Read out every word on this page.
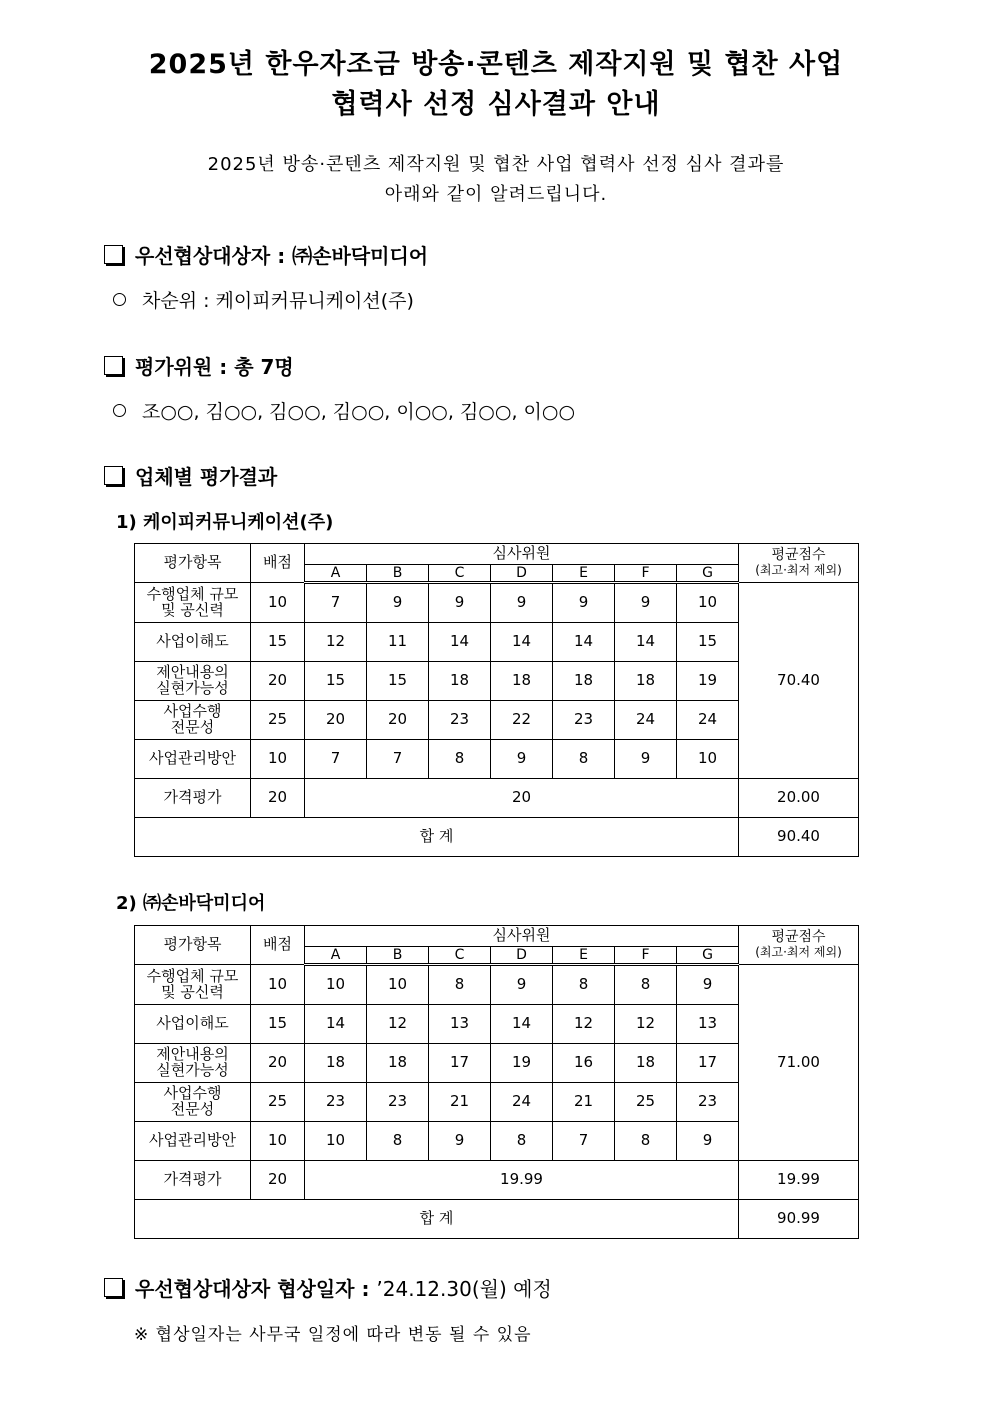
2025년 한우자조금 방송·콘텐츠 제작지원 및 협찬 사업
협력사 선정 심사결과 안내
2025년 방송·콘텐츠 제작지원 및 협찬 사업 협력사 선정 심사 결과를
아래와 같이 알려드립니다.
우선협상대상자 : ㈜손바닥미디어
차순위 : 케이피커뮤니케이션(주)
평가위원 : 총 7명
조○○, 김○○, 김○○, 김○○, 이○○, 김○○, 이○○
업체별 평가결과
1) 케이피커뮤니케이션(주)
평가항목	배점	심사위원							평균점수
(최고·최저 제외)
		A	B	C	D	E	F	G	
수행업체 규모
및 공신력	10	7	9	9	9	9	9	10	70.40
사업이해도	15	12	11	14	14	14	14	15	
제안내용의
실현가능성	20	15	15	18	18	18	18	19	
사업수행
전문성	25	20	20	23	22	23	24	24	
사업관리방안	10	7	7	8	9	8	9	10	
가격평가	20	20							20.00
합 계									90.40
2) ㈜손바닥미디어
평가항목	배점	심사위원							평균점수
(최고·최저 제외)
		A	B	C	D	E	F	G	
수행업체 규모
및 공신력	10	10	10	8	9	8	8	9	71.00
사업이해도	15	14	12	13	14	12	12	13	
제안내용의
실현가능성	20	18	18	17	19	16	18	17	
사업수행
전문성	25	23	23	21	24	21	25	23	
사업관리방안	10	10	8	9	8	7	8	9	
가격평가	20	19.99							19.99
합 계									90.99
우선협상대상자 협상일자 :
’24.12.30(월) 예정
※ 협상일자는 사무국 일정에 따라 변동 될 수 있음
